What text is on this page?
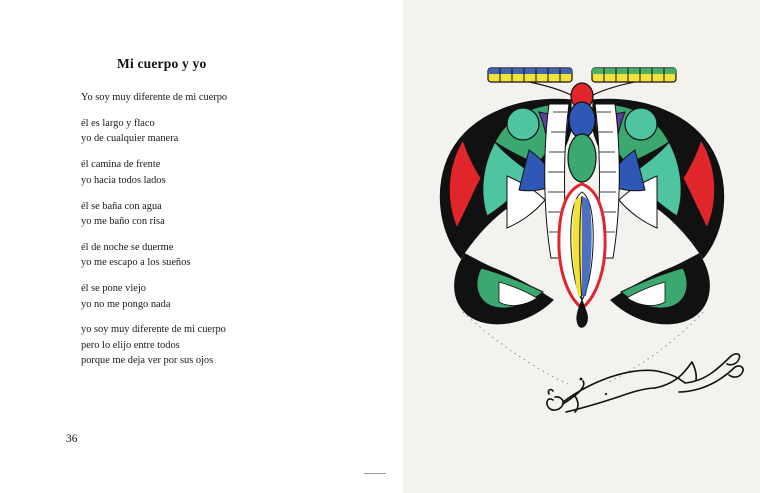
Mi cuerpo y yo

Yo soy muy diferente de mi cuerpo

él es largo y flaco
yo de cualquier manera

él camina de frente
yo hacia todos lados

él se baña con agua
yo me baño con risa

él de noche se duerme
yo me escapo a los sueños

él se pone viejo
yo no me pongo nada

yo soy muy diferente de mi cuerpo
pero lo elijo entre todos
porque me deja ver por sus ojos

36
